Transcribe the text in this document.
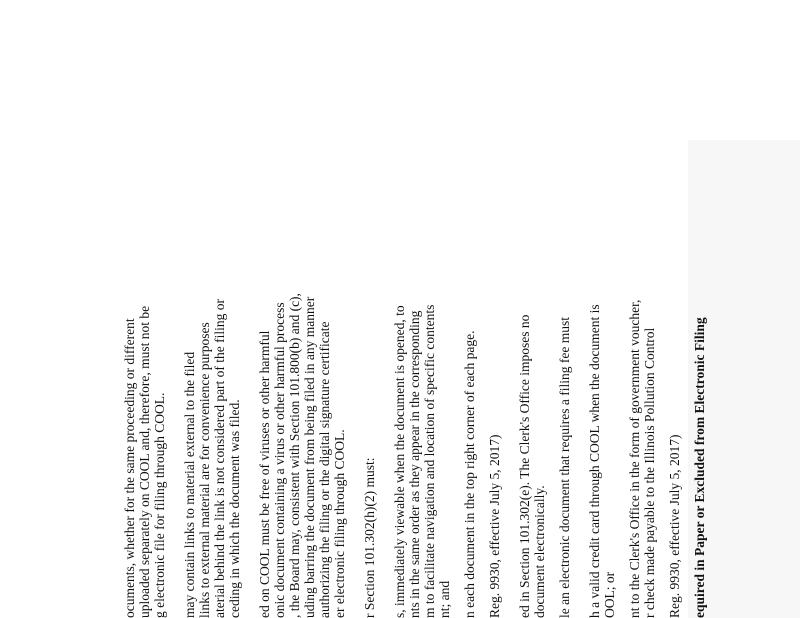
ocuments, whether for the same proceeding or different uploaded separately on COOL and, therefore, must not be g electronic file for filing through COOL. may contain links to material external to the filed links to external material are for convenience purposes aterial behind the link is not considered part of the filing or ceding in which the document was filed. ed on COOL must be free of viruses or other harmful onic document containing a virus or other harmful process , the Board may, consistent with Section 101.800(b) and (c), uding barring the document from being filed in any manner authorizing the filing or the digital signature certificate er electronic filing through COOL. r Section 101.302(h)(2) must: s, immediately viewable when the document is opened, to nts in the same order as they appear in the corresponding m to facilitate navigation and location of specific contents nt; and n each document in the top right corner of each page. Reg. 9930, effective July 5, 2017) ed in Section 101.302(e). The Clerk's Office imposes no document electronically. le an electronic document that requires a filing fee must h a valid credit card through COOL when the document is OOL; or nt to the Clerk's Office in the form of government voucher, r check made payable to the Illinois Pollution Control Reg. 9930, effective July 5, 2017) equired in Paper or Excluded from Electronic Filing
